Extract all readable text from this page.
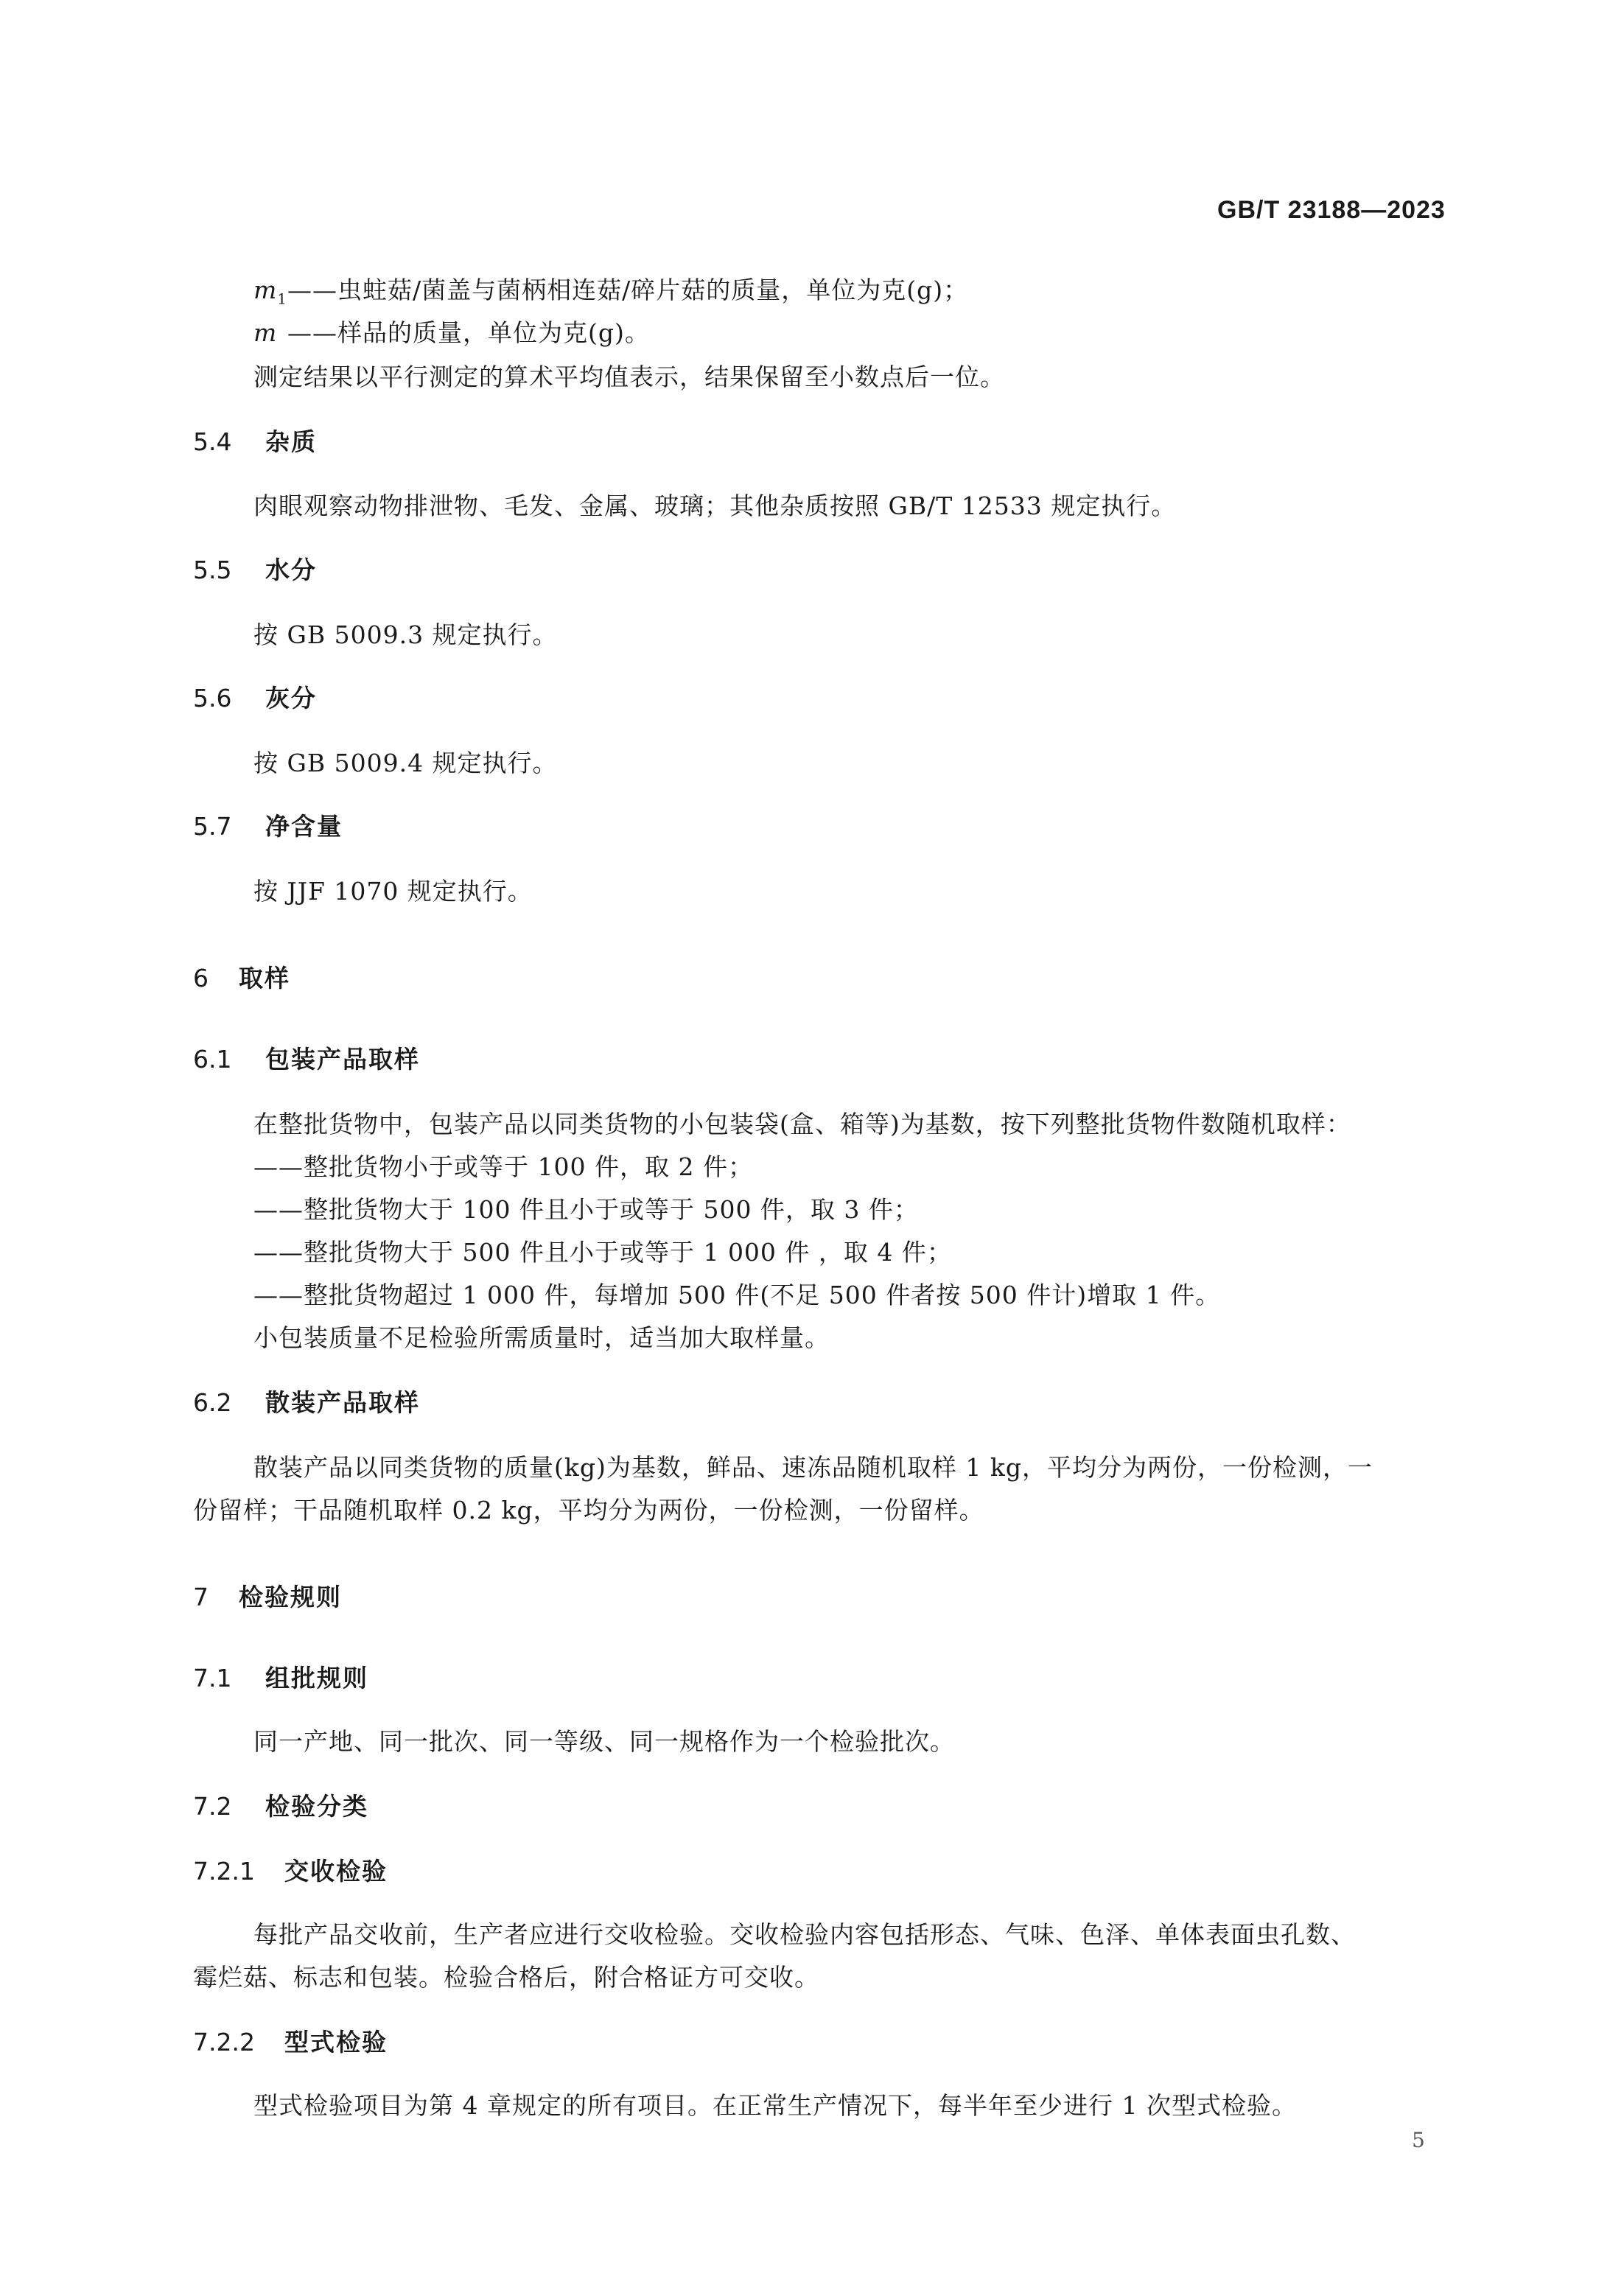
GB/T 23188—2023
$m_1——$虫蛀菇/菌盖与菌柄相连菇/碎片菇的质量，单位为克(g)；
m ——样品的质量，单位为克(g)。
测定结果以平行测定的算术平均值表示，结果保留至小数点后一位。
5.4 杂质
肉眼观察动物排泄物、毛发、金属、玻璃；其他杂质按照 GB/T 12533 规定执行。
5.5 水分
按 GB 5009.3 规定执行。
5.6 灰分
按 GB 5009.4 规定执行。
5.7 净含量
按 JJF 1070 规定执行。
6 取样
6.1 包装产品取样
在整批货物中，包装产品以同类货物的小包装袋(盒、箱等)为基数，按下列整批货物件数随机取样：
——整批货物小于或等于 100 件，取 2 件；
——整批货物大于 100 件且小于或等于 500 件，取 3 件；
——整批货物大于 500 件且小于或等于 1 000 件 ，取 4 件；
——整批货物超过 1 000 件，每增加 500 件(不足 500 件者按 500 件计)增取 1 件。
小包装质量不足检验所需质量时，适当加大取样量。
6.2 散装产品取样
散装产品以同类货物的质量(kg)为基数，鲜品、速冻品随机取样 1 kg，平均分为两份，一份检测，一
份留样；干品随机取样 0.2 kg，平均分为两份，一份检测，一份留样。
7 检验规则
7.1 组批规则
同一产地、同一批次、同一等级、同一规格作为一个检验批次。
7.2 检验分类
7.2.1 交收检验
每批产品交收前，生产者应进行交收检验。交收检验内容包括形态、气味、色泽、单体表面虫孔数、
霉烂菇、标志和包装。检验合格后，附合格证方可交收。
7.2.2 型式检验
型式检验项目为第 4 章规定的所有项目。在正常生产情况下，每半年至少进行 1 次型式检验。
5
